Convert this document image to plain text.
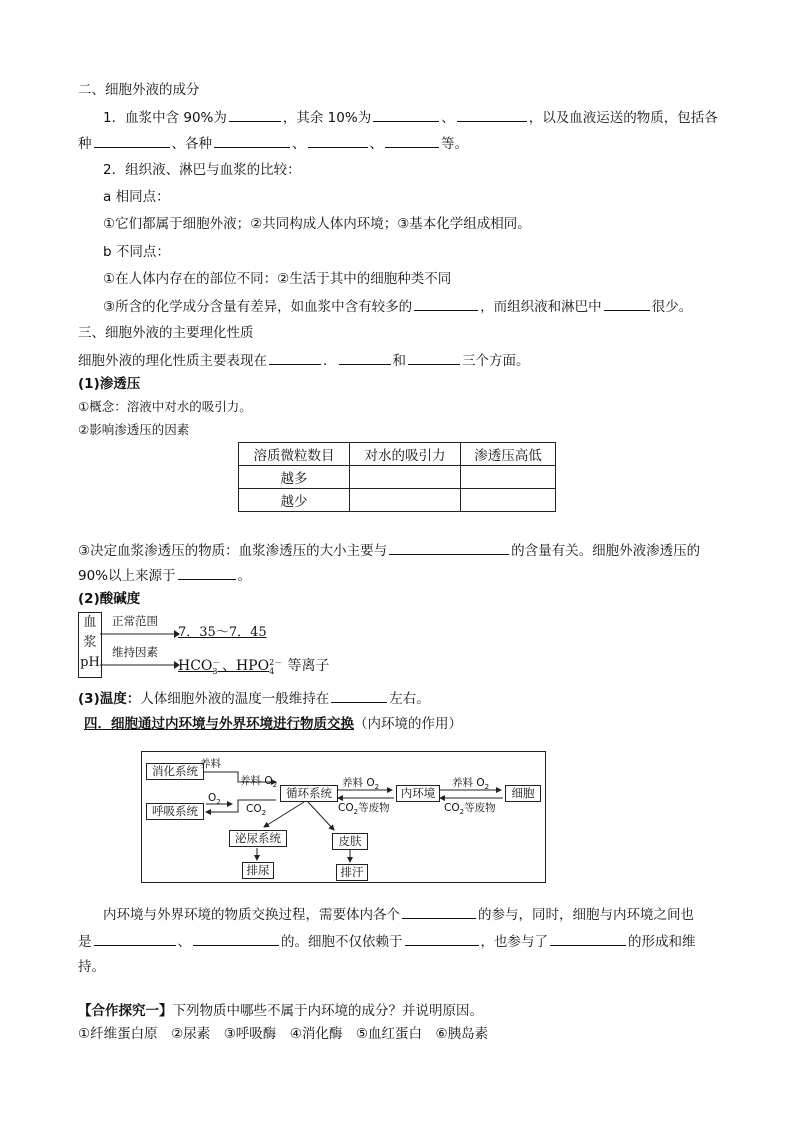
二、细胞外液的成分
1．血浆中含 90%为	，其余 10%为	、	，以及血液运送的物质，包括各
种	、各种	、	、	等。
2．组织液、淋巴与血浆的比较：
a 相同点：
①它们都属于细胞外液；②共同构成人体内环境；③基本化学组成相同。
b 不同点：
①在人体内存在的部位不同：②生活于其中的细胞种类不同
③所含的化学成分含量有差异，如血浆中含有较多的	，而组织液和淋巴中	很少。
三、细胞外液的主要理化性质
细胞外液的理化性质主要表现在	．	和	三个方面。
(1)渗透压
①概念：溶液中对水的吸引力。
②影响渗透压的因素
溶质微粒数目	对水的吸引力	渗透压高低
越多		
越少		
③决定血浆渗透压的物质：血浆渗透压的大小主要与	的含量有关。细胞外液渗透压的
90%以上来源于	。
(2)酸碱度
血
浆
pH
正常范围
7．35～7．45
维持因素
$HCO_3$
－ 、$HPO_4$
2－ 等离子
(3)温度：人体细胞外液的温度一般维持在	左右。
四．细胞通过内环境与外界环境进行物质交换（内环境的作用）
消化系统
呼吸系统
循环系统	内环境	细胞
泌尿系统	皮肤
排尿	排汗
养料
$O_2$
养料 $O_2$
$CO_2$
养料 $O_2$
$CO_2$等废物
养料 $O_2$
$CO_2$等废物
内环境与外界环境的物质交换过程，需要体内各个	的参与，同时，细胞与内环境之间也
是	、	的。细胞不仅依赖于	，也参与了	的形成和维
持。
【合作探究一】下列物质中哪些不属于内环境的成分？并说明原因。
①纤维蛋白原　②尿素　③呼吸酶　④消化酶　⑤血红蛋白　⑥胰岛素
